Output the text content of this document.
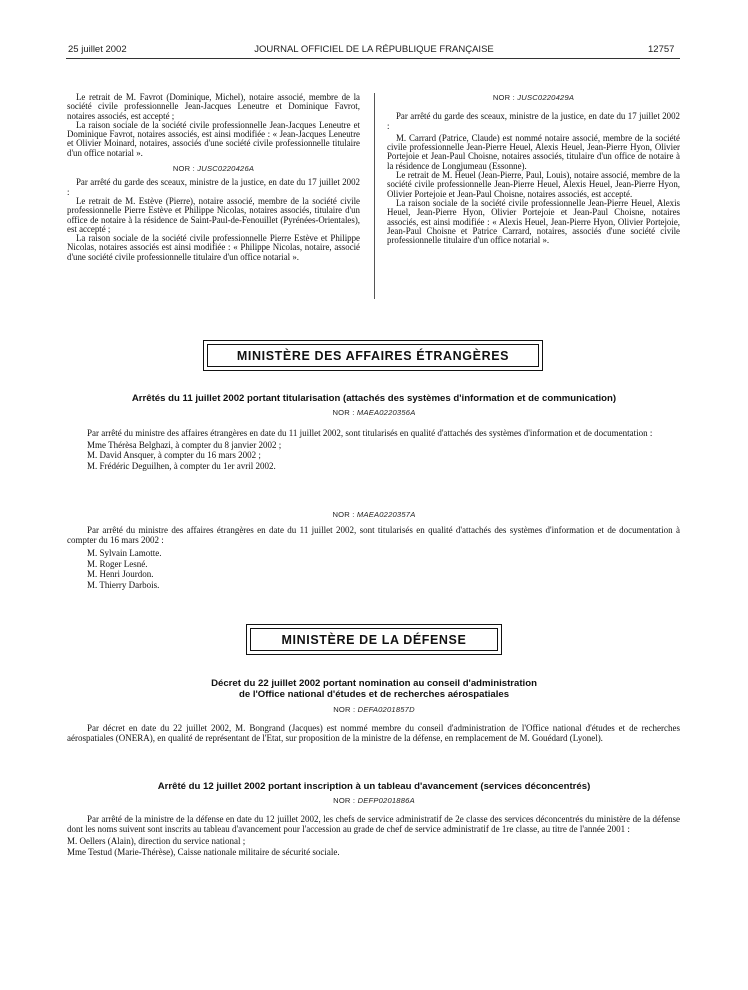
25 juillet 2002	JOURNAL OFFICIEL DE LA RÉPUBLIQUE FRANÇAISE	12757

Le retrait de M. Favrot (Dominique, Michel), notaire associé, membre de la société civile professionnelle Jean-Jacques Leneutre et Dominique Favrot, notaires associés, est accepté ;

La raison sociale de la société civile professionnelle Jean-Jacques Leneutre et Dominique Favrot, notaires associés, est ainsi modifiée : « Jean-Jacques Leneutre et Olivier Moinard, notaires, associés d'une société civile professionnelle titulaire d'un office notarial ».

NOR : JUSC0220426A

Par arrêté du garde des sceaux, ministre de la justice, en date du 17 juillet 2002 :

Le retrait de M. Estève (Pierre), notaire associé, membre de la société civile professionnelle Pierre Estève et Philippe Nicolas, notaires associés, titulaire d'un office de notaire à la résidence de Saint-Paul-de-Fenouillet (Pyrénées-Orientales), est accepté ;

La raison sociale de la société civile professionnelle Pierre Estève et Philippe Nicolas, notaires associés est ainsi modifiée : « Philippe Nicolas, notaire, associé d'une société civile professionnelle titulaire d'un office notarial ».

NOR : JUSC0220429A

Par arrêté du garde des sceaux, ministre de la justice, en date du 17 juillet 2002 :

M. Carrard (Patrice, Claude) est nommé notaire associé, membre de la société civile professionnelle Jean-Pierre Heuel, Alexis Heuel, Jean-Pierre Hyon, Olivier Portejoie et Jean-Paul Choisne, notaires associés, titulaire d'un office de notaire à la résidence de Longjumeau (Essonne).

Le retrait de M. Heuel (Jean-Pierre, Paul, Louis), notaire associé, membre de la société civile professionnelle Jean-Pierre Heuel, Alexis Heuel, Jean-Pierre Hyon, Olivier Portejoie et Jean-Paul Choisne, notaires associés, est accepté.

La raison sociale de la société civile professionnelle Jean-Pierre Heuel, Alexis Heuel, Jean-Pierre Hyon, Olivier Portejoie et Jean-Paul Choisne, notaires associés, est ainsi modifiée : « Alexis Heuel, Jean-Pierre Hyon, Olivier Portejoie, Jean-Paul Choisne et Patrice Carrard, notaires, associés d'une société civile professionnelle titulaire d'un office notarial ».

MINISTÈRE DES AFFAIRES ÉTRANGÈRES
Arrêtés du 11 juillet 2002 portant titularisation (attachés des systèmes d'information et de communication)
NOR : MAEA0220356A

Par arrêté du ministre des affaires étrangères en date du 11 juillet 2002, sont titularisés en qualité d'attachés des systèmes d'information et de documentation :

Mme Thérèsa Belghazi, à compter du 8 janvier 2002 ;

M. David Ansquer, à compter du 16 mars 2002 ;

M. Frédéric Deguilhen, à compter du 1er avril 2002.

NOR : MAEA0220357A

Par arrêté du ministre des affaires étrangères en date du 11 juillet 2002, sont titularisés en qualité d'attachés des systèmes d'information et de documentation à compter du 16 mars 2002 :

M. Sylvain Lamotte.

M. Roger Lesné.

M. Henri Jourdon.

M. Thierry Darbois.

MINISTÈRE DE LA DÉFENSE
Décret du 22 juillet 2002 portant nomination au conseil d'administration
de l'Office national d'études et de recherches aérospatiales
NOR : DEFA0201857D

Par décret en date du 22 juillet 2002, M. Bongrand (Jacques) est nommé membre du conseil d'administration de l'Office national d'études et de recherches aérospatiales (ONERA), en qualité de représentant de l'Etat, sur proposition de la ministre de la défense, en remplacement de M. Gouédard (Lyonel).

Arrêté du 12 juillet 2002 portant inscription à un tableau d'avancement (services déconcentrés)
NOR : DEFP0201886A

Par arrêté de la ministre de la défense en date du 12 juillet 2002, les chefs de service administratif de 2e classe des services déconcentrés du ministère de la défense dont les noms suivent sont inscrits au tableau d'avancement pour l'accession au grade de chef de service administratif de 1re classe, au titre de l'année 2001 :

M. Oellers (Alain), direction du service national ;

Mme Testud (Marie-Thérèse), Caisse nationale militaire de sécurité sociale.
